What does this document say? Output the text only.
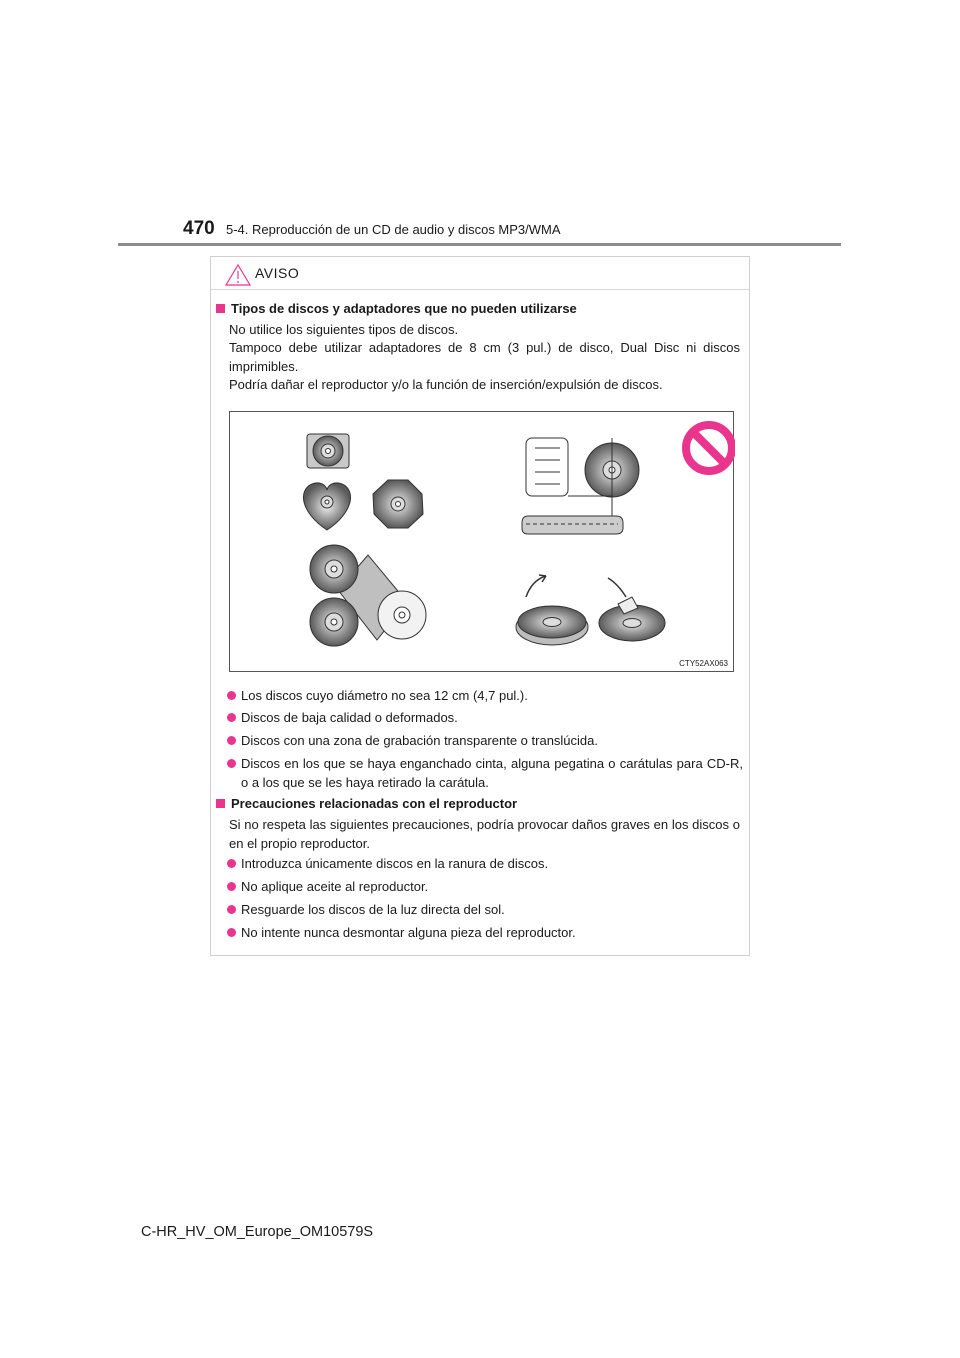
470 5-4. Reproducción de un CD de audio y discos MP3/WMA
AVISO
Tipos de discos y adaptadores que no pueden utilizarse
No utilice los siguientes tipos de discos.
Tampoco debe utilizar adaptadores de 8 cm (3 pul.) de disco, Dual Disc ni discos imprimibles.
Podría dañar el reproductor y/o la función de inserción/expulsión de discos.
CTY52AX063
Los discos cuyo diámetro no sea 12 cm (4,7 pul.).
Discos de baja calidad o deformados.
Discos con una zona de grabación transparente o translúcida.
Discos en los que se haya enganchado cinta, alguna pegatina o carátulas para CD-R, o a los que se les haya retirado la carátula.
Precauciones relacionadas con el reproductor
Si no respeta las siguientes precauciones, podría provocar daños graves en los discos o en el propio reproductor.
Introduzca únicamente discos en la ranura de discos.
No aplique aceite al reproductor.
Resguarde los discos de la luz directa del sol.
No intente nunca desmontar alguna pieza del reproductor.
C-HR_HV_OM_Europe_OM10579S
